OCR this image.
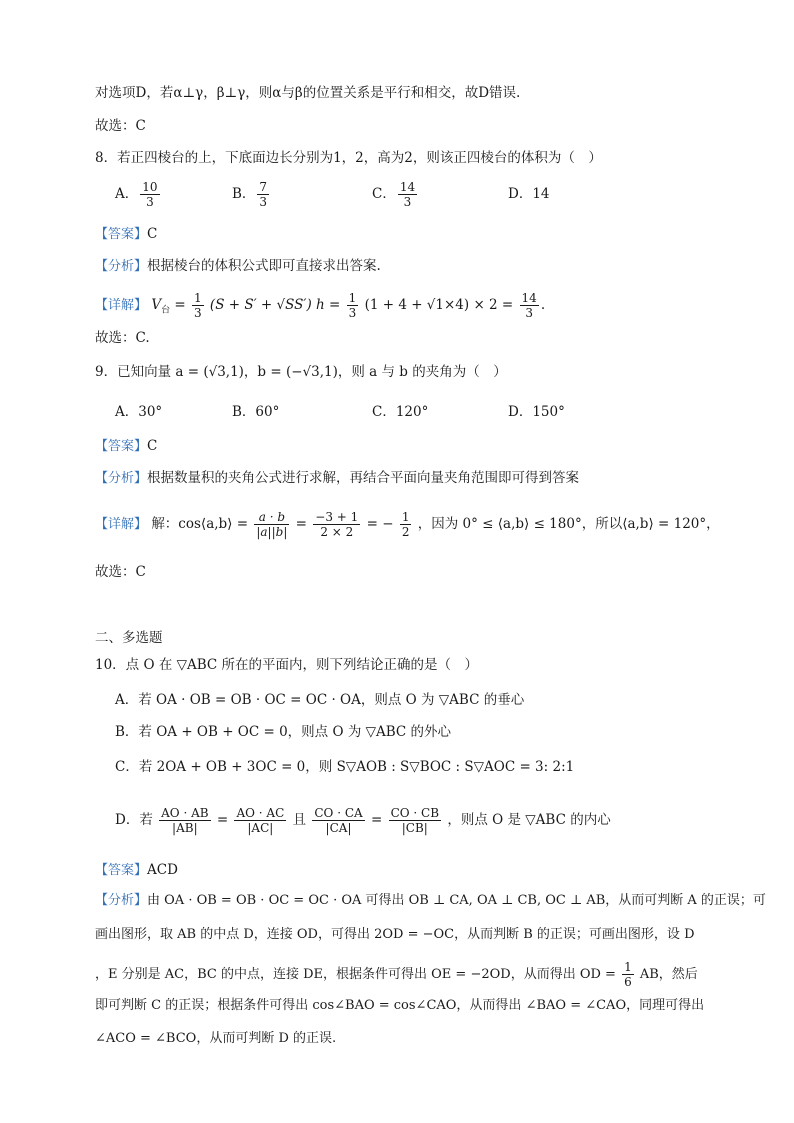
对选项D，若α⊥γ，β⊥γ，则α与β的位置关系是平行和相交，故D错误.
故选：C
8．若正四棱台的上，下底面边长分别为1，2，高为2，则该正四棱台的体积为（　）
A． $\frac{10}{3}$	B． $\frac{7}{3}$	C． $\frac{14}{3}$	D．14
【答案】C
【分析】根据棱台的体积公式即可直接求出答案.
【详解】 $V_台 = \frac{1}{3} (S + S' + √SS') h = \frac{1}{3} (1 + 4 + √1\times 4) \times 2 = \frac{14}{3}$ .
故选：C.
9．已知向量 a = (√3,1)，b = (−√3,1)，则 a 与 b 的夹角为（　）
A．30°	B．60°	C．120°	D．150°
【答案】C
【分析】根据数量积的夹角公式进行求解，再结合平面向量夹角范围即可得到答案
【详解】 解：cos⟨a,b⟩ = $\frac{a \cdot b}{|a||b|} = \frac{-3 + 1}{2 \times 2}$ = − $\frac{1}{2}$ ，因为 0° ≤ ⟨a,b⟩ ≤ 180°，所以⟨a,b⟩ = 120°，
故选：C
二、多选题
10．点 O 在 ▽ABC 所在的平面内，则下列结论正确的是（　）
A．若 OA · OB = OB · OC = OC · OA，则点 O 为 ▽ABC 的垂心
B．若 OA + OB + OC = 0，则点 O 为 ▽ABC 的外心
C．若 2OA + OB + 3OC = 0，则 S▽AOB : S▽BOC : S▽AOC = 3: 2:1
D．若 $\frac{AO \cdot AB}{|AB|} = \frac{AO \cdot AC}{|AC|}$ 且 $\frac{CO \cdot CA}{|CA|} = \frac{CO \cdot CB}{|CB|}$ ，则点 O 是 ▽ABC 的内心
【答案】ACD
【分析】由 OA · OB = OB · OC = OC · OA 可得出 OB ⊥ CA, OA ⊥ CB, OC ⊥ AB，从而可判断 A 的正误；可
画出图形，取 AB 的中点 D，连接 OD，可得出 2OD = −OC，从而判断 B 的正误；可画出图形，设 D
，E 分别是 AC，BC 的中点，连接 DE，根据条件可得出 OE = −2OD，从而得出 OD = $\frac{1}{6}$ AB，然后
即可判断 C 的正误；根据条件可得出 cos∠BAO = cos∠CAO，从而得出 ∠BAO = ∠CAO，同理可得出
∠ACO = ∠BCO，从而可判断 D 的正误.
